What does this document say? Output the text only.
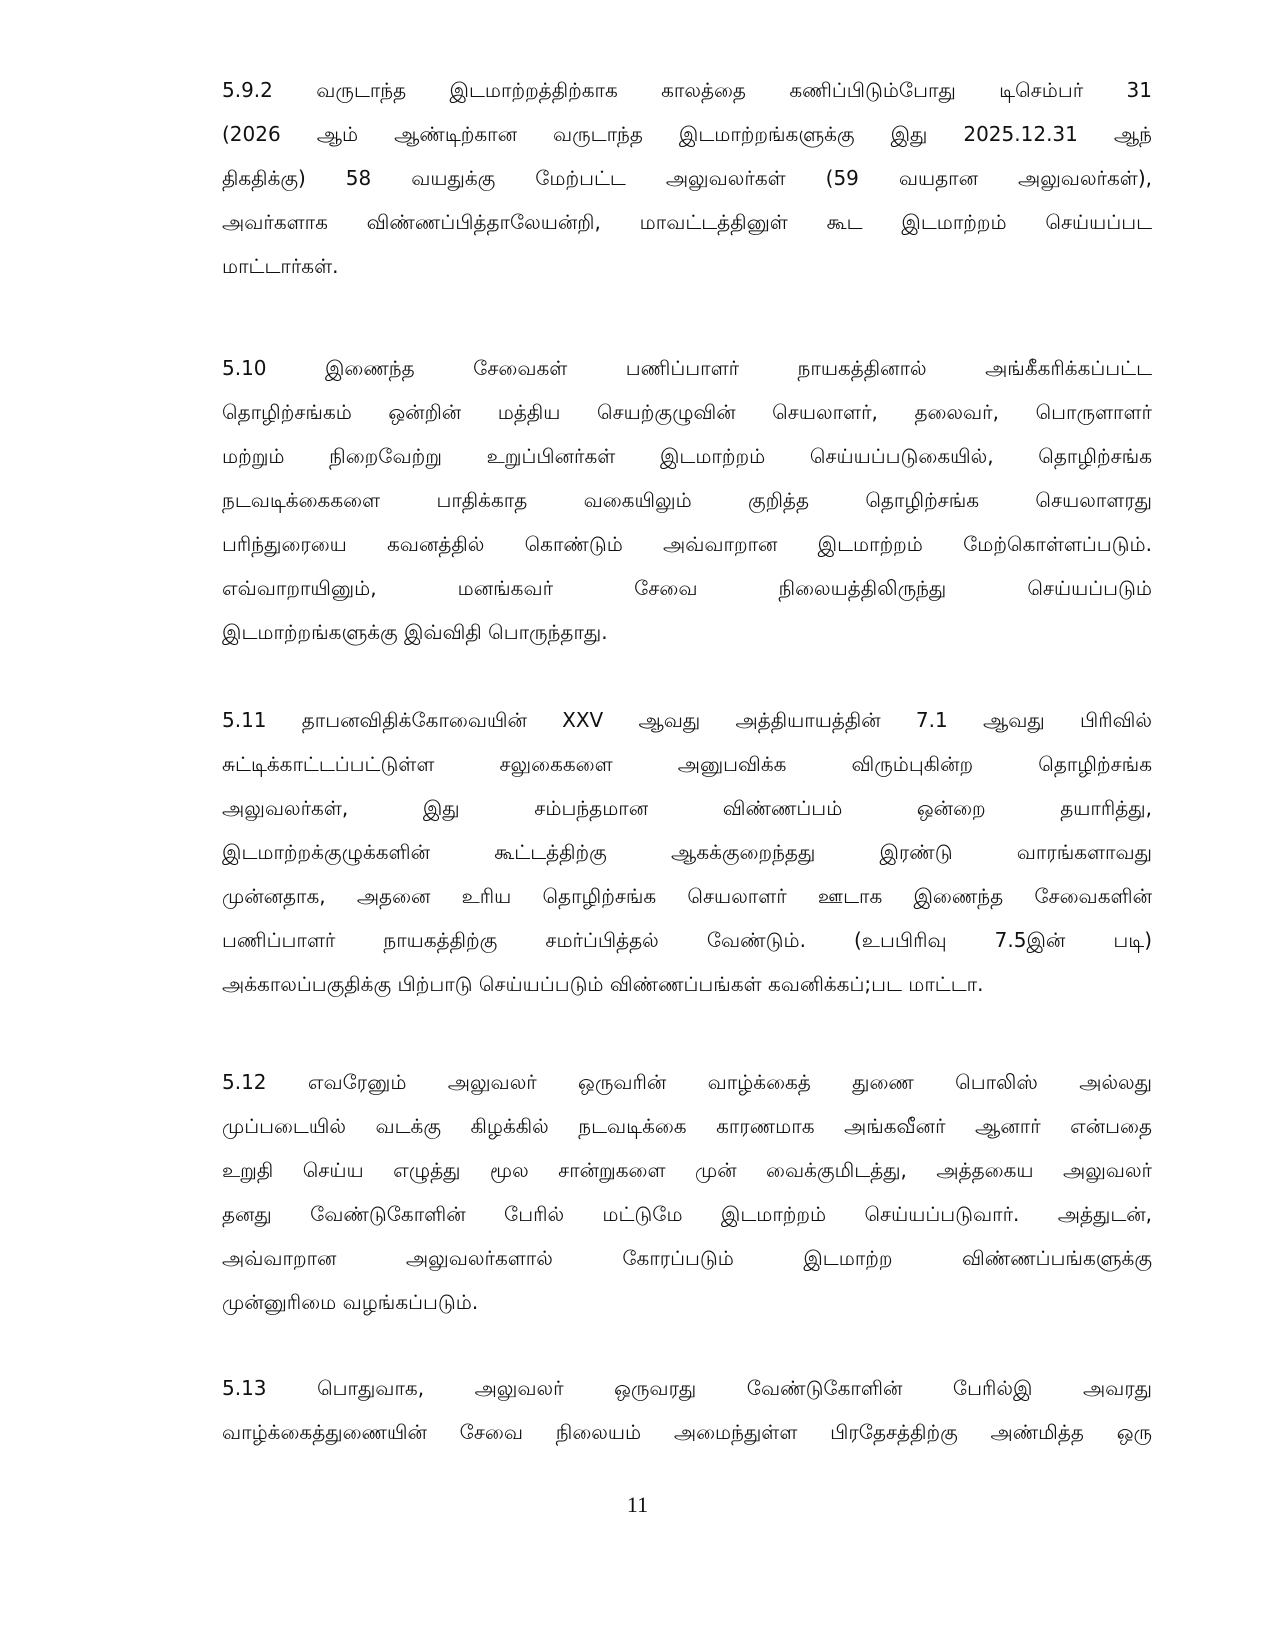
5.9.2 வருடாந்த இடமாற்றத்திற்காக காலத்தை கணிப்பிடும்போது டிசெம்பர் 31
(2026 ஆம் ஆண்டிற்கான வருடாந்த இடமாற்றங்களுக்கு இது 2025.12.31 ஆந்
திகதிக்கு) 58 வயதுக்கு மேற்பட்ட அலுவலர்கள் (59 வயதான அலுவலர்கள்),
அவர்களாக விண்ணப்பித்தாலேயன்றி, மாவட்டத்தினுள் கூட இடமாற்றம் செய்யப்பட
மாட்டார்கள்.
5.10 இணைந்த சேவைகள் பணிப்பாளர் நாயகத்தினால் அங்கீகரிக்கப்பட்ட
தொழிற்சங்கம் ஒன்றின் மத்திய செயற்குழுவின் செயலாளர், தலைவர், பொருளாளர்
மற்றும் நிறைவேற்று உறுப்பினர்கள் இடமாற்றம் செய்யப்படுகையில், தொழிற்சங்க
நடவடிக்கைகளை பாதிக்காத வகையிலும் குறித்த தொழிற்சங்க செயலாளரது
பரிந்துரையை கவனத்தில் கொண்டும் அவ்வாறான இடமாற்றம் மேற்கொள்ளப்படும்.
எவ்வாறாயினும், மனங்கவர் சேவை நிலையத்திலிருந்து செய்யப்படும்
இடமாற்றங்களுக்கு இவ்விதி பொருந்தாது.
5.11 தாபனவிதிக்கோவையின் XXV ஆவது அத்தியாயத்தின் 7.1 ஆவது பிரிவில்
சுட்டிக்காட்டப்பட்டுள்ள சலுகைகளை அனுபவிக்க விரும்புகின்ற தொழிற்சங்க
அலுவலர்கள், இது சம்பந்தமான விண்ணப்பம் ஒன்றை தயாரித்து,
இடமாற்றக்குழுக்களின் கூட்டத்திற்கு ஆகக்குறைந்தது இரண்டு வாரங்களாவது
முன்னதாக, அதனை உரிய தொழிற்சங்க செயலாளர் ஊடாக இணைந்த சேவைகளின்
பணிப்பாளர் நாயகத்திற்கு சமர்ப்பித்தல் வேண்டும். (உபபிரிவு 7.5இன் படி)
அக்காலப்பகுதிக்கு பிற்பாடு செய்யப்படும் விண்ணப்பங்கள் கவனிக்கப்;பட மாட்டா.
5.12 எவரேனும் அலுவலர் ஒருவரின் வாழ்க்கைத் துணை பொலிஸ் அல்லது
முப்படையில் வடக்கு கிழக்கில் நடவடிக்கை காரணமாக அங்கவீனர் ஆனார் என்பதை
உறுதி செய்ய எழுத்து மூல சான்றுகளை முன் வைக்குமிடத்து, அத்தகைய அலுவலர்
தனது வேண்டுகோளின் பேரில் மட்டுமே இடமாற்றம் செய்யப்படுவார். அத்துடன்,
அவ்வாறான அலுவலர்களால் கோரப்படும் இடமாற்ற விண்ணப்பங்களுக்கு
முன்னுரிமை வழங்கப்படும்.
5.13 பொதுவாக, அலுவலர் ஒருவரது வேண்டுகோளின் பேரில்இ அவரது
வாழ்க்கைத்துணையின் சேவை நிலையம் அமைந்துள்ள பிரதேசத்திற்கு அண்மித்த ஒரு
11
